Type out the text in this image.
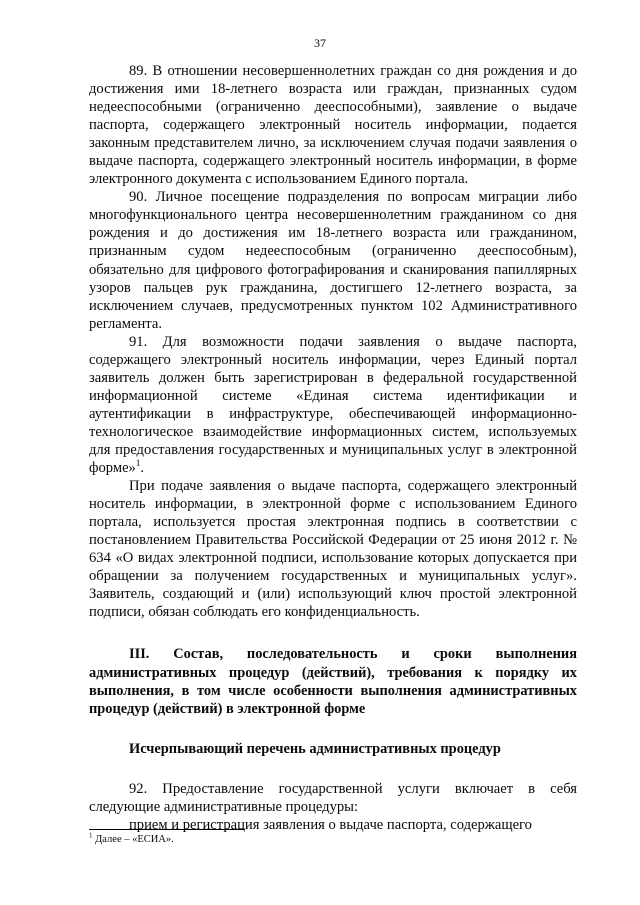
37

89. В отношении несовершеннолетних граждан со дня рождения и до достижения ими 18-летнего возраста или граждан, признанных судом недееспособными (ограниченно дееспособными), заявление о выдаче паспорта, содержащего электронный носитель информации, подается законным представителем лично, за исключением случая подачи заявления о выдаче паспорта, содержащего электронный носитель информации, в форме электронного документа с использованием Единого портала.

90. Личное посещение подразделения по вопросам миграции либо многофункционального центра несовершеннолетним гражданином со дня рождения и до достижения им 18-летнего возраста или гражданином, признанным судом недееспособным (ограниченно дееспособным), обязательно для цифрового фотографирования и сканирования папиллярных узоров пальцев рук гражданина, достигшего 12-летнего возраста, за исключением случаев, предусмотренных пунктом 102 Административного регламента.

91. Для возможности подачи заявления о выдаче паспорта, содержащего электронный носитель информации, через Единый портал заявитель должен быть зарегистрирован в федеральной государственной информационной системе «Единая система идентификации и аутентификации в инфраструктуре, обеспечивающей информационно-технологическое взаимодействие информационных систем, используемых для предоставления государственных и муниципальных услуг в электронной форме»$^1$.

При подаче заявления о выдаче паспорта, содержащего электронный носитель информации, в электронной форме с использованием Единого портала, используется простая электронная подпись в соответствии с постановлением Правительства Российской Федерации от 25 июня 2012 г. № 634 «О видах электронной подписи, использование которых допускается при обращении за получением государственных и муниципальных услуг». Заявитель, создающий и (или) использующий ключ простой электронной подписи, обязан соблюдать его конфиденциальность.

III. Состав, последовательность и сроки выполнения административных процедур (действий), требования к порядку их выполнения, в том числе особенности выполнения административных процедур (действий) в электронной форме

Исчерпывающий перечень административных процедур

92. Предоставление государственной услуги включает в себя следующие административные процедуры:

прием и регистрация заявления о выдаче паспорта, содержащего

$^1$ Далее – «ЕСИА».
